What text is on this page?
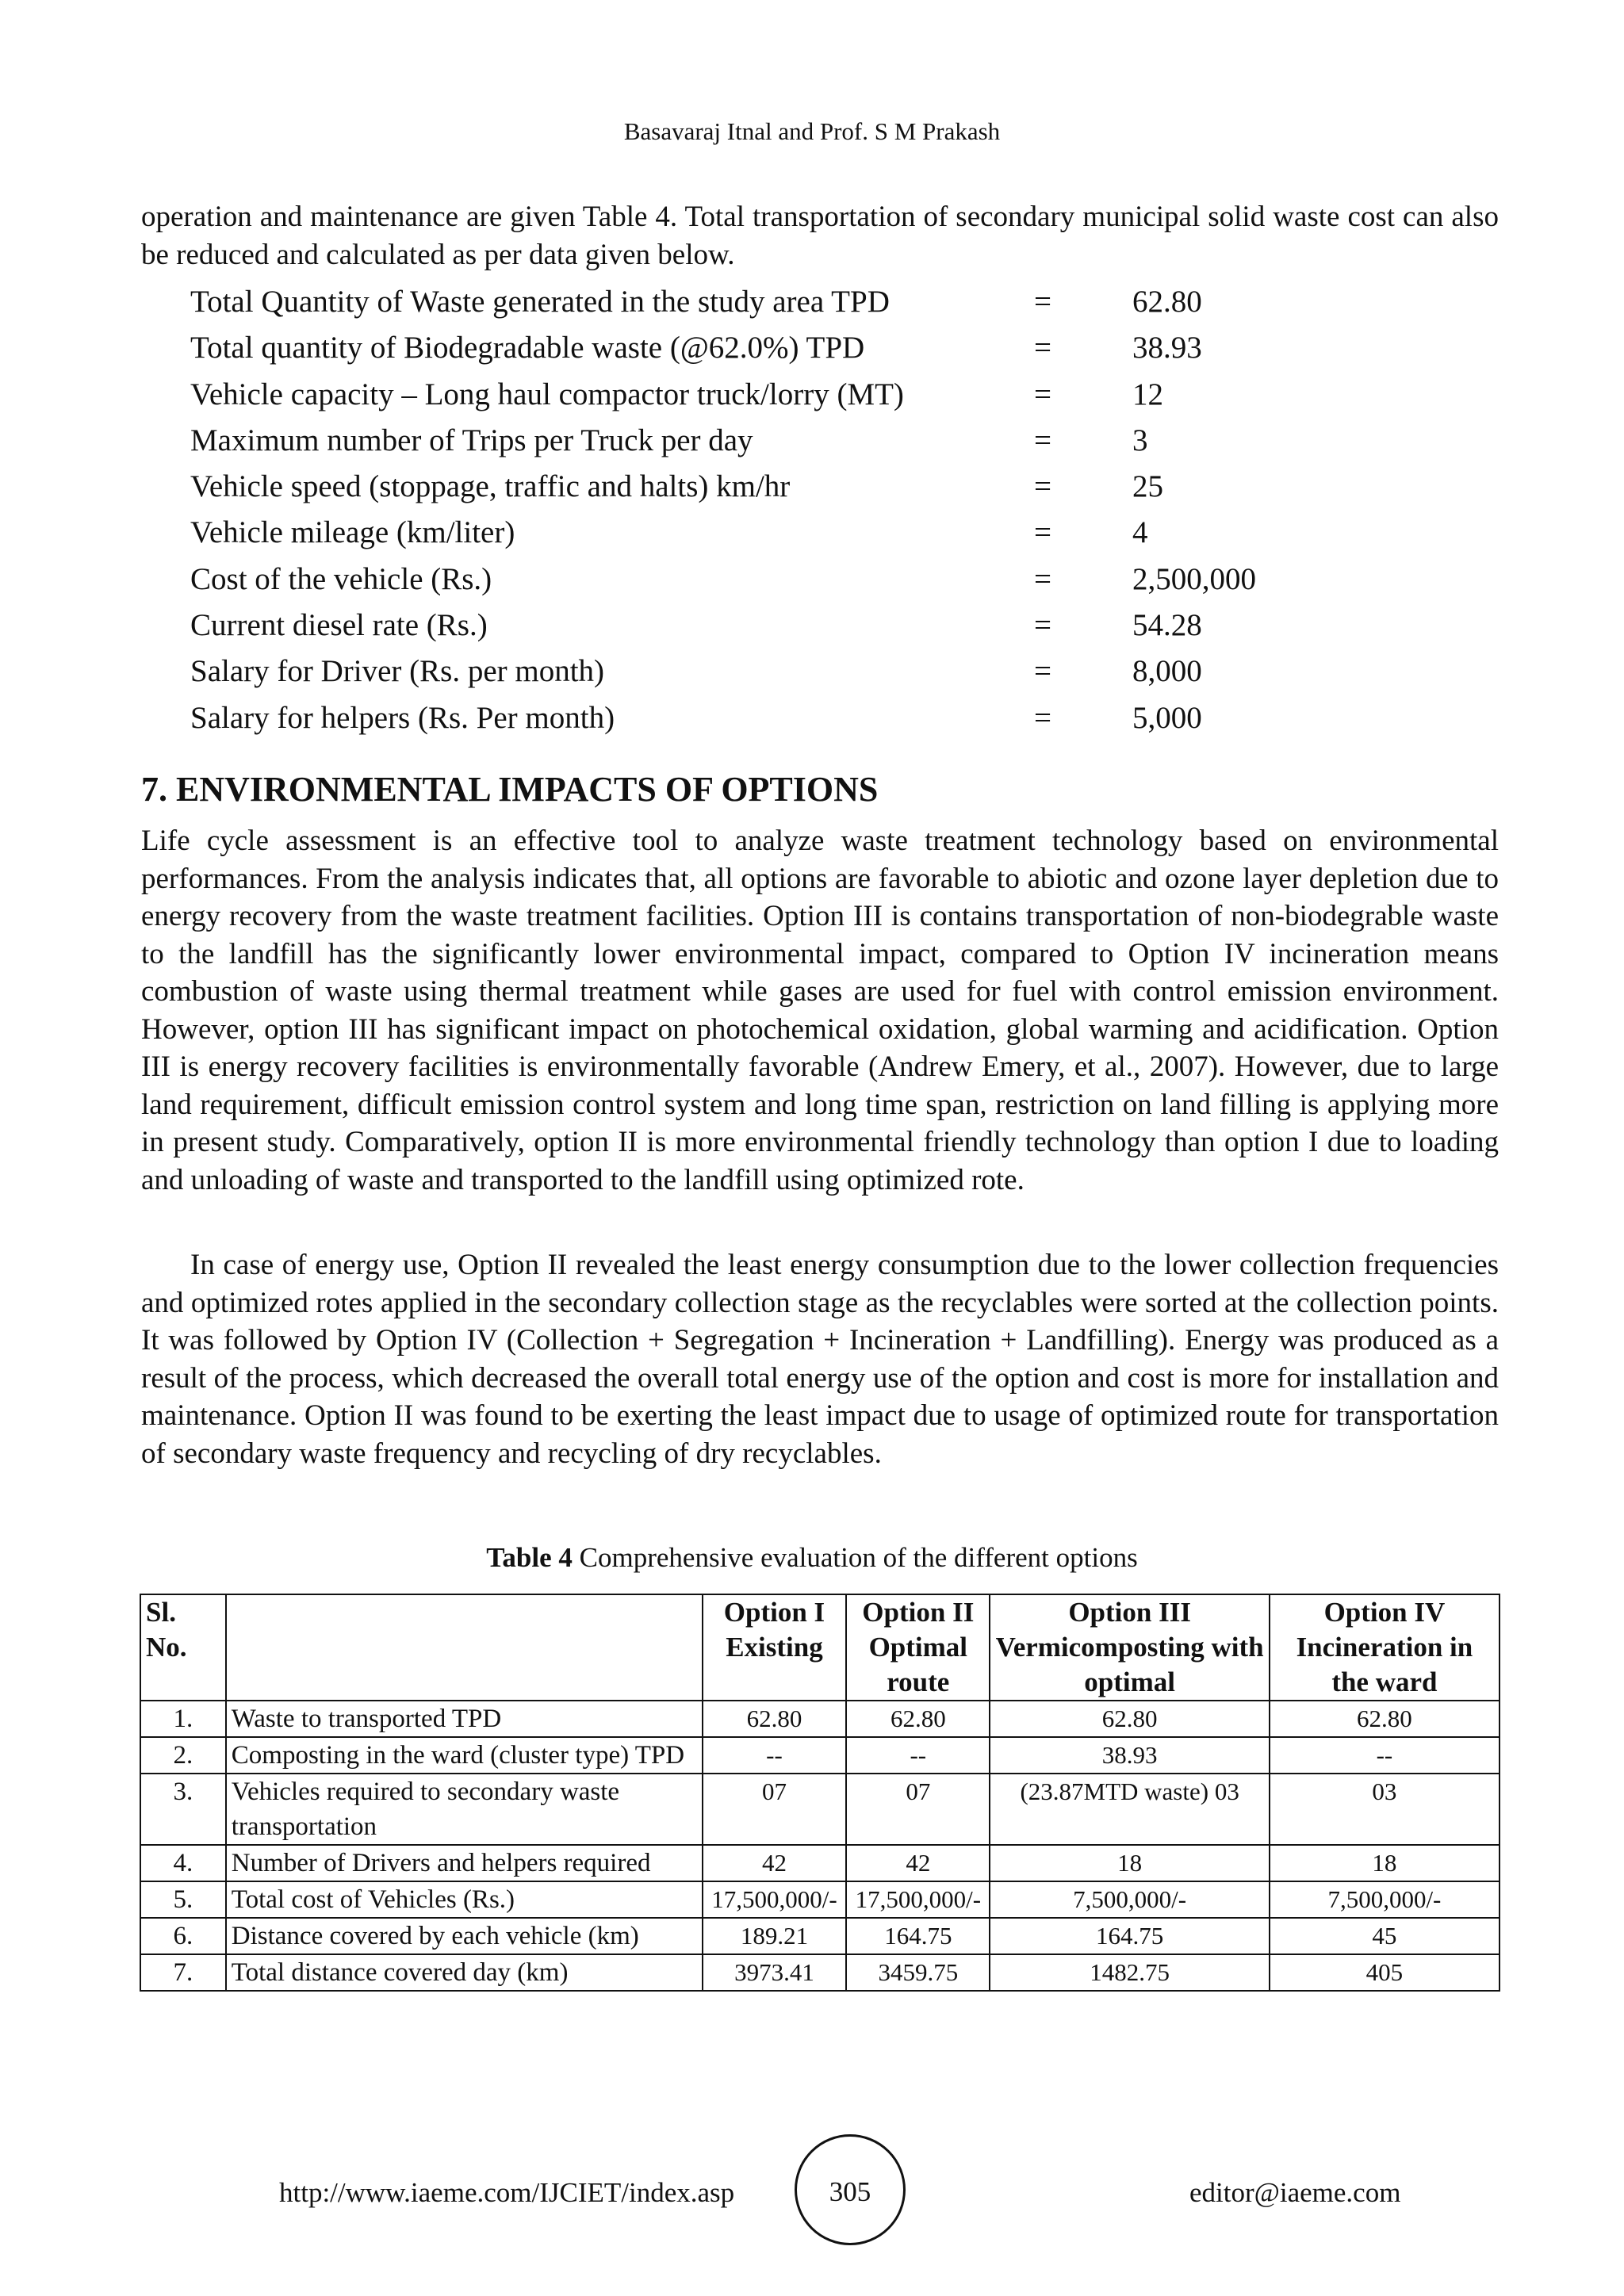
Basavaraj Itnal and Prof. S M Prakash
operation and maintenance are given Table 4. Total transportation of secondary municipal solid waste cost can also be reduced and calculated as per data given below.
Total Quantity of Waste generated in the study area TPD	=	62.80
Total quantity of Biodegradable waste (@62.0%) TPD	=	38.93
Vehicle capacity – Long haul compactor truck/lorry (MT)	=	12
Maximum number of Trips per Truck per day	=	3
Vehicle speed (stoppage, traffic and halts) km/hr	=	25
Vehicle mileage (km/liter)	=	4
Cost of the vehicle (Rs.)	=	2,500,000
Current diesel rate (Rs.)	=	54.28
Salary for Driver (Rs. per month)	=	8,000
Salary for helpers (Rs. Per month)	=	5,000
7. ENVIRONMENTAL IMPACTS OF OPTIONS
Life cycle assessment is an effective tool to analyze waste treatment technology based on environmental performances. From the analysis indicates that, all options are favorable to abiotic and ozone layer depletion due to energy recovery from the waste treatment facilities. Option III is contains transportation of non-biodegrable waste to the landfill has the significantly lower environmental impact, compared to Option IV incineration means combustion of waste using thermal treatment while gases are used for fuel with control emission environment. However, option III has significant impact on photochemical oxidation, global warming and acidification. Option III is energy recovery facilities is environmentally favorable (Andrew Emery, et al., 2007). However, due to large land requirement, difficult emission control system and long time span, restriction on land filling is applying more in present study. Comparatively, option II is more environmental friendly technology than option I due to loading and unloading of waste and transported to the landfill using optimized rote.
In case of energy use, Option II revealed the least energy consumption due to the lower collection frequencies and optimized rotes applied in the secondary collection stage as the recyclables were sorted at the collection points. It was followed by Option IV (Collection + Segregation + Incineration + Landfilling). Energy was produced as a result of the process, which decreased the overall total energy use of the option and cost is more for installation and maintenance. Option II was found to be exerting the least impact due to usage of optimized route for transportation of secondary waste frequency and recycling of dry recyclables.
Table 4 Comprehensive evaluation of the different options
Sl. No.		Option I	Option II	Option III	Option IV
		Existing	Optimal route	Vermicomposting with optimal	Incineration in the ward
1.	Waste to transported TPD	62.80	62.80	62.80	62.80
2.	Composting in the ward (cluster type) TPD	--	--	38.93	--
3.	Vehicles required to secondary waste transportation	07	07	(23.87MTD waste) 03	03
4.	Number of Drivers and helpers required	42	42	18	18
5.	Total cost of Vehicles (Rs.)	17,500,000/-	17,500,000/-	7,500,000/-	7,500,000/-
6.	Distance covered by each vehicle (km)	189.21	164.75	164.75	45
7.	Total distance covered day (km)	3973.41	3459.75	1482.75	405
http://www.iaeme.com/IJCIET/index.asp	305	editor@iaeme.com
